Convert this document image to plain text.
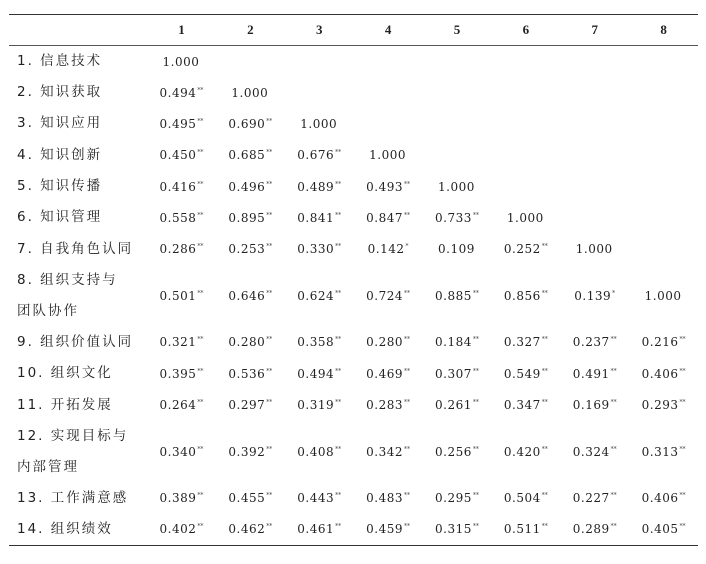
	1	2	3	4	5	6	7	8
1. 信息技术	1.000							
2. 知识获取	0.494**	1.000						
3. 知识应用	0.495**	0.690**	1.000					
4. 知识创新	0.450**	0.685**	0.676**	1.000				
5. 知识传播	0.416**	0.496**	0.489**	0.493**	1.000			
6. 知识管理	0.558**	0.895**	0.841**	0.847**	0.733**	1.000		
7. 自我角色认同	0.286**	0.253**	0.330**	0.142*	0.109	0.252**	1.000	
8. 组织支持与团队协作	0.501**	0.646**	0.624**	0.724**	0.885**	0.856**	0.139*	1.000
9. 组织价值认同	0.321**	0.280**	0.358**	0.280**	0.184**	0.327**	0.237**	0.216**
10. 组织文化	0.395**	0.536**	0.494**	0.469**	0.307**	0.549**	0.491**	0.406**
11. 开拓发展	0.264**	0.297**	0.319**	0.283**	0.261**	0.347**	0.169**	0.293**
12. 实现目标与内部管理	0.340**	0.392**	0.408**	0.342**	0.256**	0.420**	0.324**	0.313**
13. 工作满意感	0.389**	0.455**	0.443**	0.483**	0.295**	0.504**	0.227**	0.406**
14. 组织绩效	0.402**	0.462**	0.461**	0.459**	0.315**	0.511**	0.289**	0.405**
